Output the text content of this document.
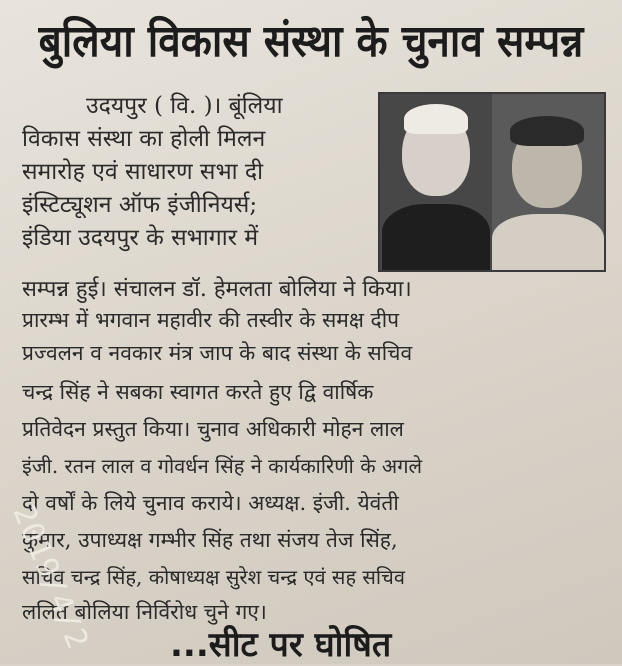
बुलिया विकास संस्था के चुनाव सम्पन्न
उदयपुर ( वि. )। बूंलिया
विकास संस्था का होली मिलन
समारोह एवं साधारण सभा दी
इंस्टिट्यूशन ऑफ इंजीनियर्स;
इंडिया उदयपुर के सभागार में
सम्पन्न हुई। संचालन डॉ. हेमलता बोलिया ने किया।
प्रारम्भ में भगवान महावीर की तस्वीर के समक्ष दीप
प्रज्वलन व नवकार मंत्र जाप के बाद संस्था के सचिव
चन्द्र सिंह ने सबका स्वागत करते हुए द्वि वार्षिक
प्रतिवेदन प्रस्तुत किया। चुनाव अधिकारी मोहन लाल
इंजी. रतन लाल व गोवर्धन सिंह ने कार्यकारिणी के अगले
दो वर्षों के लिये चुनाव कराये। अध्यक्ष. इंजी. येवंती
कुमार, उपाध्यक्ष गम्भीर सिंह तथा संजय तेज सिंह,
सचिव चन्द्र सिंह, कोषाध्यक्ष सुरेश चन्द्र एवं सह सचिव
ललित बोलिया निर्विरोध चुने गए।
...सीट पर घोषित
2019/4/2
